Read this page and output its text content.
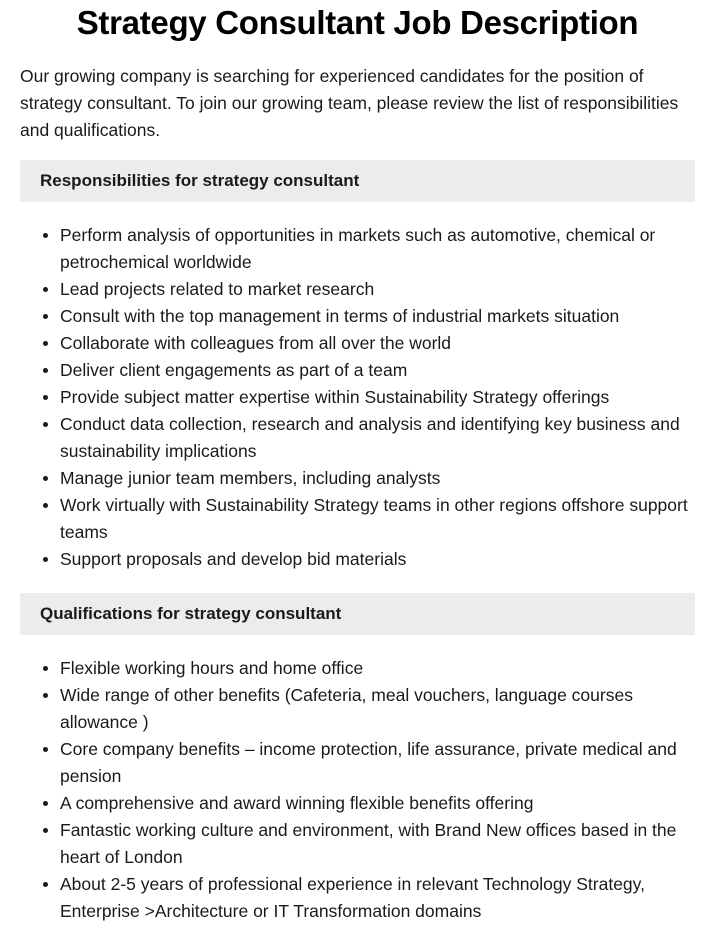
Strategy Consultant Job Description

Our growing company is searching for experienced candidates for the position of strategy consultant. To join our growing team, please review the list of responsibilities and qualifications.

Responsibilities for strategy consultant
Perform analysis of opportunities in markets such as automotive, chemical or petrochemical worldwide
Lead projects related to market research
Consult with the top management in terms of industrial markets situation
Collaborate with colleagues from all over the world
Deliver client engagements as part of a team
Provide subject matter expertise within Sustainability Strategy offerings
Conduct data collection, research and analysis and identifying key business and sustainability implications
Manage junior team members, including analysts
Work virtually with Sustainability Strategy teams in other regions offshore support teams
Support proposals and develop bid materials
Qualifications for strategy consultant
Flexible working hours and home office
Wide range of other benefits (Cafeteria, meal vouchers, language courses allowance )
Core company benefits – income protection, life assurance, private medical and pension
A comprehensive and award winning flexible benefits offering
Fantastic working culture and environment, with Brand New offices based in the heart of London
About 2-5 years of professional experience in relevant Technology Strategy, Enterprise >Architecture or IT Transformation domains
